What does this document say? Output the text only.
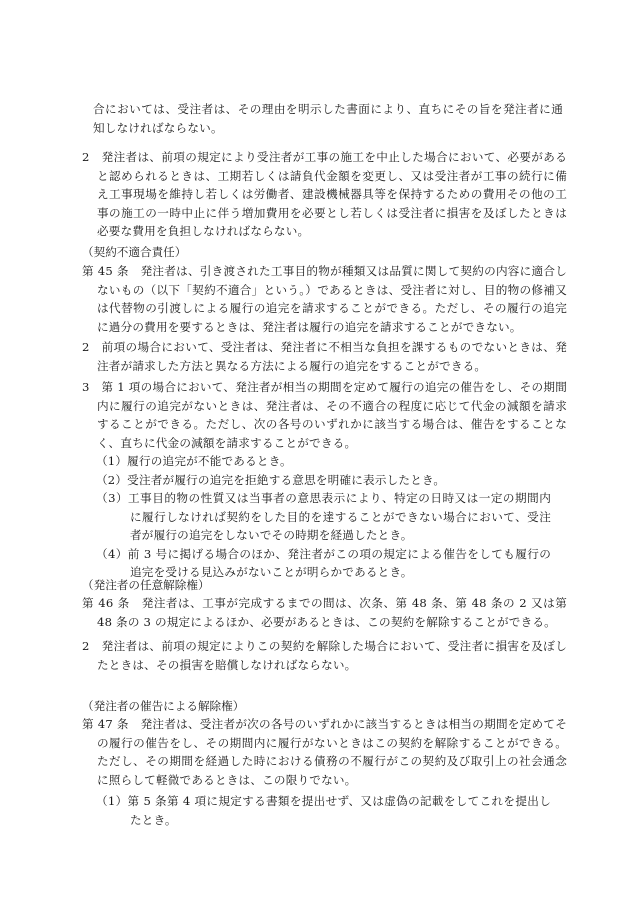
合においては、受注者は、その理由を明示した書面により、直ちにその旨を発注者に通知しなければならない。

2　発注者は、前項の規定により受注者が工事の施工を中止した場合において、必要があると認められるときは、工期若しくは請負代金額を変更し、又は受注者が工事の続行に備え工事現場を維持し若しくは労働者、建設機械器具等を保持するための費用その他の工事の施工の一時中止に伴う増加費用を必要とし若しくは受注者に損害を及ぼしたときは必要な費用を負担しなければならない。

（契約不適合責任）

第 45 条　発注者は、引き渡された工事目的物が種類又は品質に関して契約の内容に適合しないもの（以下「契約不適合」という。）であるときは、受注者に対し、目的物の修補又は代替物の引渡しによる履行の追完を請求することができる。ただし、その履行の追完に過分の費用を要するときは、発注者は履行の追完を請求することができない。

2　前項の場合において、受注者は、発注者に不相当な負担を課するものでないときは、発注者が請求した方法と異なる方法による履行の追完をすることができる。

3　第 1 項の場合において、発注者が相当の期間を定めて履行の追完の催告をし、その期間内に履行の追完がないときは、発注者は、その不適合の程度に応じて代金の減額を請求することができる。ただし、次の各号のいずれかに該当する場合は、催告をすることなく、直ちに代金の減額を請求することができる。

（1）履行の追完が不能であるとき。
（2）受注者が履行の追完を拒絶する意思を明確に表示したとき。
（3）工事目的物の性質又は当事者の意思表示により、特定の日時又は一定の期間内に履行しなければ契約をした目的を達することができない場合において、受注者が履行の追完をしないでその時期を経過したとき。
（4）前 3 号に掲げる場合のほか、発注者がこの項の規定による催告をしても履行の追完を受ける見込みがないことが明らかであるとき。

（発注者の任意解除権）

第 46 条　発注者は、工事が完成するまでの間は、次条、第 48 条、第 48 条の 2 又は第 48 条の 3 の規定によるほか、必要があるときは、この契約を解除することができる。

2　発注者は、前項の規定によりこの契約を解除した場合において、受注者に損害を及ぼしたときは、その損害を賠償しなければならない。

（発注者の催告による解除権）

第 47 条　発注者は、受注者が次の各号のいずれかに該当するときは相当の期間を定めてその履行の催告をし、その期間内に履行がないときはこの契約を解除することができる。ただし、その期間を経過した時における債務の不履行がこの契約及び取引上の社会通念に照らして軽微であるときは、この限りでない。

（1）第 5 条第 4 項に規定する書類を提出せず、又は虚偽の記載をしてこれを提出したとき。
